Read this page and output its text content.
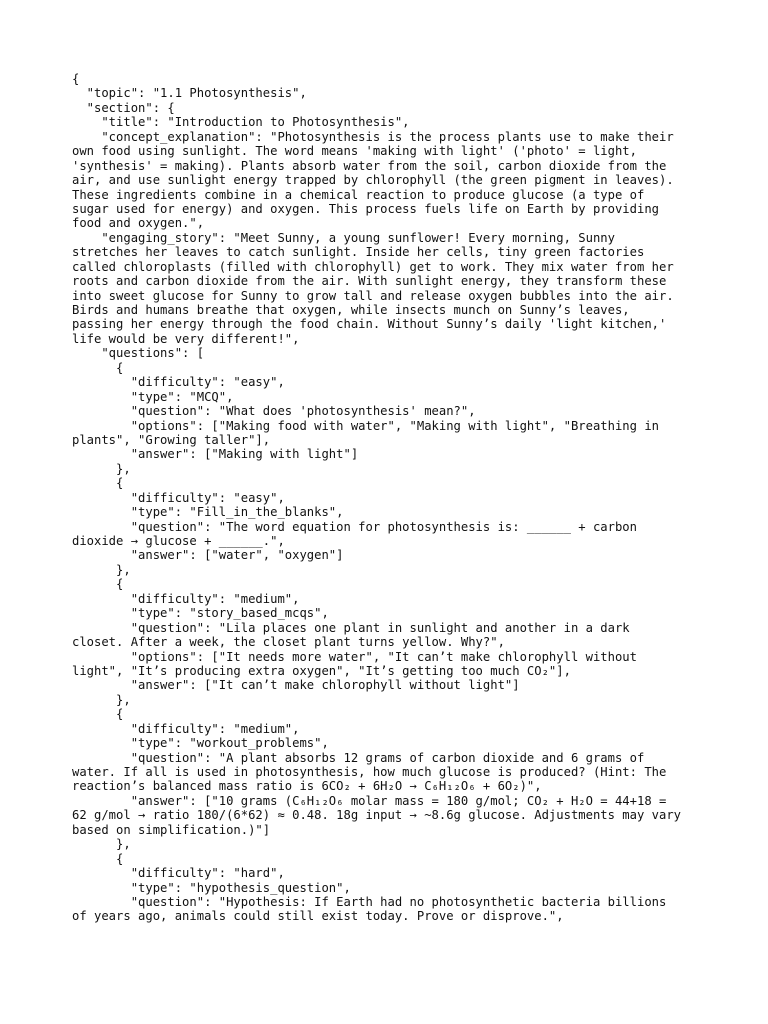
{
"topic": "1.1 Photosynthesis",
"section": {
"title": "Introduction to Photosynthesis",
"concept_explanation": "Photosynthesis is the process plants use to make their
own food using sunlight. The word means 'making with light' ('photo' = light,
'synthesis' = making). Plants absorb water from the soil, carbon dioxide from the
air, and use sunlight energy trapped by chlorophyll (the green pigment in leaves).
These ingredients combine in a chemical reaction to produce glucose (a type of
sugar used for energy) and oxygen. This process fuels life on Earth by providing
food and oxygen.",
"engaging_story": "Meet Sunny, a young sunflower! Every morning, Sunny
stretches her leaves to catch sunlight. Inside her cells, tiny green factories
called chloroplasts (filled with chlorophyll) get to work. They mix water from her
roots and carbon dioxide from the air. With sunlight energy, they transform these
into sweet glucose for Sunny to grow tall and release oxygen bubbles into the air.
Birds and humans breathe that oxygen, while insects munch on Sunny’s leaves,
passing her energy through the food chain. Without Sunny’s daily 'light kitchen,'
life would be very different!",
"questions": [
{
"difficulty": "easy",
"type": "MCQ",
"question": "What does 'photosynthesis' mean?",
"options": ["Making food with water", "Making with light", "Breathing in
plants", "Growing taller"],
"answer": ["Making with light"]
},
{
"difficulty": "easy",
"type": "Fill_in_the_blanks",
"question": "The word equation for photosynthesis is: ______ + carbon
dioxide → glucose + ______.",
"answer": ["water", "oxygen"]
},
{
"difficulty": "medium",
"type": "story_based_mcqs",
"question": "Lila places one plant in sunlight and another in a dark
closet. After a week, the closet plant turns yellow. Why?",
"options": ["It needs more water", "It can’t make chlorophyll without
light", "It’s producing extra oxygen", "It’s getting too much CO₂"],
"answer": ["It can’t make chlorophyll without light"]
},
{
"difficulty": "medium",
"type": "workout_problems",
"question": "A plant absorbs 12 grams of carbon dioxide and 6 grams of
water. If all is used in photosynthesis, how much glucose is produced? (Hint: The
reaction’s balanced mass ratio is 6CO₂ + 6H₂O → C₆H₁₂O₆ + 6O₂)",
"answer": ["10 grams (C₆H₁₂O₆ molar mass = 180 g/mol; CO₂ + H₂O = 44+18 =
62 g/mol → ratio 180/(6*62) ≈ 0.48. 18g input → ~8.6g glucose. Adjustments may vary
based on simplification.)"]
},
{
"difficulty": "hard",
"type": "hypothesis_question",
"question": "Hypothesis: If Earth had no photosynthetic bacteria billions
of years ago, animals could still exist today. Prove or disprove.",
